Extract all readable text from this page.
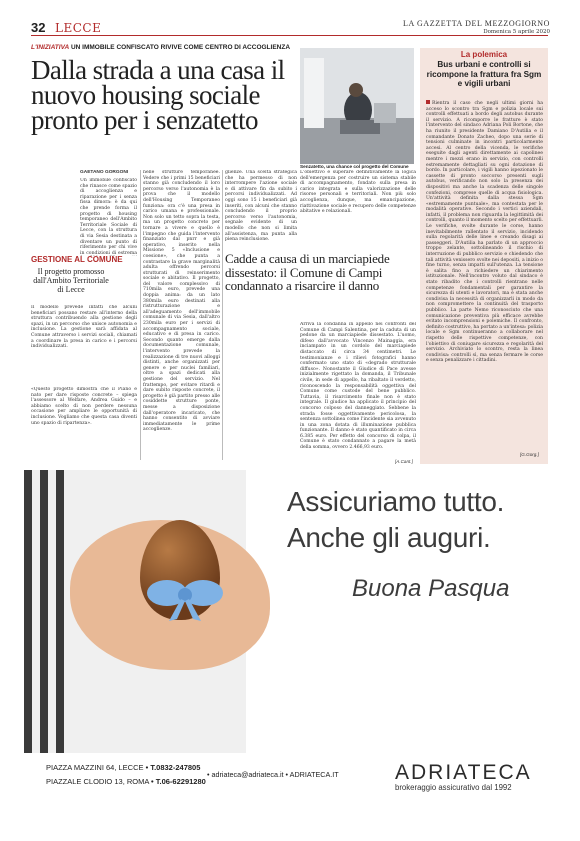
32 LECCE	LA GAZZETTA DEL MEZZOGIORNO
Domenica 5 aprile 2020
L'INIZIATIVA UN IMMOBILE CONFISCATO RIVIVE COME CENTRO DI ACCOGLIENZA
Dalla strada a una casa il nuovo housing sociale pronto per i senzatetto
Senzatetto, una chance col progetto del Comune
GAETANO GORGONI
Un immobile confiscato che rinasce come spazio di accoglienza e riparazione per i senza fissa dimora: è da qui che prende forma il progetto di housing temporaneo dell'Ambito Territoriale Sociale di Lecce, con la struttura di via Sesia destinata a diventare un punto di riferimento per chi vive in condizioni di estrema
GESTIONE AL COMUNE
Il progetto promosso dall'Ambito Territoriale di Lecce
Il modello prevede infatti che alcuni beneficiari possano restare all'interno della struttura contribuendo alla gestione degli spazi, in un percorso che unisce autonomia e inclusione. La gestione sarà affidata al Comune attraverso i servizi sociali, chiamati a coordinare la presa in carico e i percorsi individualizzati.
«Questo progetto dimostra che il Piano è nato per dare risposte concrete – spiega l'assessore al Welfare, Andrea Guido – e abbiamo scelto di non perdere nessuna occasione per ampliare le opportunità di inclusione. Vogliamo che questa casa diventi uno spazio di ripartenza».
nelle strutture temporanee. Vedere che i primi 15 beneficiari stanno già concludendo il loro percorso verso l'autonomia è la prova che il modello dell'Housing Temporaneo funziona: ora c'è una presa in carico umana e professionale. Non solo un tetto sopra la testa, ma un progetto concreto per tornare a vivere e quello è l'impegno che guida l'intervento finanziato dal pnrr e già operativo, inserito nella Missione 5 «Inclusione e coesione», che punta a contrastare la grave marginalità adulta offrendo percorsi strutturati di reinserimento sociale e abitativo. Il progetto, del valore complessivo di 710mila euro, prevede una doppia anima: da un lato 380mila euro destinati alla ristrutturazione e all'adeguamento dell'immobile comunale di via Sesia, dall'altro 230mila euro per i servizi di accompagnamento sociale, educativo e di presa in carico. Secondo quanto emerge dalla documentazione comunale, l'intervento prevede la realizzazione di tre nuovi alloggi distinti, anche organizzati per genere e per nuclei familiari, oltre a spazi dedicati alla gestione del servizio. Nel frattempo, per evitare ritardi e dare subito risposte concrete, il progetto è già partito presso alle cosiddette strutture ponte, messe a disposizione dall'operatore incaricato, che hanno consentito di avviare immediatamente le prime accoglienze.
glienze. Una scelta strategica che ha permesso di non interrompere l'azione sociale e di attivare fin da subito i percorsi individualizzati. Ad oggi sono 15 i beneficiari già inseriti, con alcuni che stanno concludendo il proprio percorso verso l'autonomia, segnale evidente di un modello che non si limita all'assistenza, ma punta alla piena reinclusione.
L'obiettivo è superare definitivamente la logica dell'emergenza per costruire un sistema stabile di accompagnamento, fondato sulla presa in carico integrata e sulla valorizzazione delle risorse personali e territoriali. Non più solo accoglienza, dunque, ma emancipazione, riattivazione sociale e recupero delle competenze abitative e relazionali.
Cadde a causa di un marciapiede dissestato: il Comune di Campi condannato a risarcire il danno
Arriva la condanna in appello nei confronti del Comune di Campi Salentina, per la caduta di un pedone da un marciapiede dissestato. L'uomo, difeso dall'avvocato Vincenzo Mainaggia, era inciampato in un cordolo del marciapiede distaccato di circa 34 centimetri. Le testimonianze e i rilievi fotografici hanno confermato uno stato di «degrado strutturale diffuso». Nonostante il Giudice di Pace avesse inizialmente rigettato la domanda, il Tribunale civile, in sede di appello, ha ribaltato il verdetto, riconoscendo la responsabilità oggettiva del Comune come custode del bene pubblico. Tuttavia, il risarcimento finale non è stato integrale. Il giudice ha applicato il principio del concorso colposo del danneggiato. Sebbene la strada fosse oggettivamente pericolosa, la sentenza sottolinea come l'incidente sia avvenuto in una zona dotata di illuminazione pubblica funzionante. Il danno è stato quantificato in circa 6.385 euro. Per effetto del concorso di colpa, il Comune è stato condannato a pagare la metà della somma, ovvero 2.466,93 euro.
[A.Cant.]
La polemica
Bus urbani e controlli si ricompone la frattura fra Sgm e vigili urbani
Rientra il caso che negli ultimi giorni ha acceso lo scontro tra Sgm e polizia locale sui controlli effettuati a bordo degli autobus durante il servizio. A ricomporre le fratture è stato l'intervento del sindaco Adriana Poli Bortone, che ha riunito il presidente Damiano D'Autilia e il comandante Donato Zacheo, dopo una serie di tensioni culminate in incontri particolarmente accesi. Al centro della vicenda, le verifiche eseguite dagli agenti direttamente ai capolinee mentre i mezzi erano in servizio, con controlli estremamente dettagliati su ogni dotazione di bordo. In particolare, i vigili hanno ispezionato le cassette di pronto soccorso presenti sugli autobus, verificando non solo la presenza dei dispositivi ma anche la scadenza delle singole confezioni, comprese quelle di acqua fisiologica. Un'attività definita dalla stessa Sgm «estremamente puntuale», ma contestata per le modalità operative. Secondo i vertici aziendali, infatti, il problema non riguarda la legittimità dei controlli, quanto il momento scelto per effettuarli. Le verifiche, svolte durante le corse, hanno inevitabilmente rallentato il servizio, incidendo sulla regolarità delle linee e creando disagi ai passeggeri. D'Autilia ha parlato di un approccio troppo zelante, sottolineando il rischio di interruzione di pubblico servizio e chiedendo che tali attività venissero svolte nei depositi, a inizio o fine turno, senza impatti sull'utenza. La tensione è salita fino a richiedere un chiarimento istituzionale. Nell'incontro voluto dal sindaco è stato ribadito che i controlli rientrano nelle competenze fondamentali per garantire la sicurezza di utenti e lavoratori, ma è stata anche condivisa la necessità di organizzarli in modo da non compromettere la continuità del trasporto pubblico. La parte Nemo riconosciuto che una comunicazione preventiva più efficace avrebbe evitato incomprensioni e polemiche. Il confronto, definito costruttivo, ha portato a un'intesa: polizia locale e Sgm continueranno a collaborare nel rispetto delle rispettive competenze, con l'obiettivo di coniugare sicurezza e regolarità del servizio. Archiviato lo scontro, resta la linea condivisa: controlli sì, ma senza fermare le corse e senza penalizzare i cittadini.
[G.Gorg.]
Assicuriamo tutto.
Anche gli auguri.
Buona Pasqua
PIAZZA MAZZINI 64, LECCE • T.0832-247805
PIAZZALE CLODIO 13, ROMA • T.06-62291280
• adriateca@adriateca.it • ADRIATECA.IT	ADRIATECA
brokeraggio assicurativo dal 1992
